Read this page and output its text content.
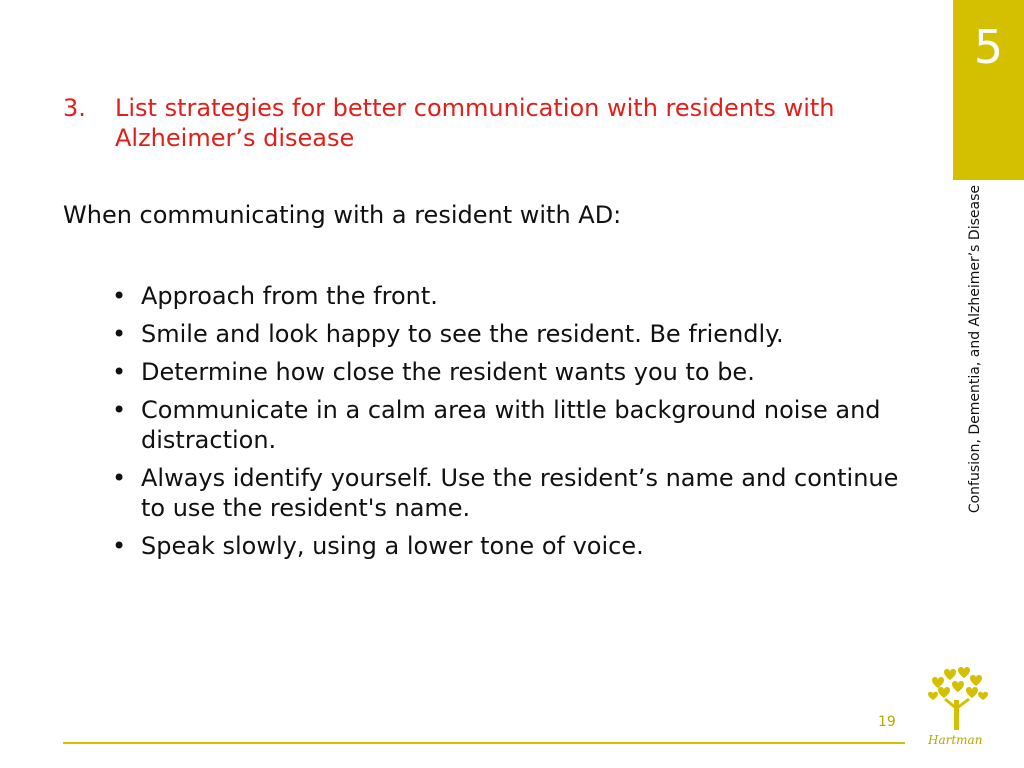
5
Confusion, Dementia, and Alzheimer’s Disease
3. List strategies for better communication with residents with Alzheimer’s disease
When communicating with a resident with AD:
• Approach from the front.
• Smile and look happy to see the resident. Be friendly.
• Determine how close the resident wants you to be.
• Communicate in a calm area with little background noise and distraction.
• Always identify yourself. Use the resident’s name and continue to use the resident's name.
• Speak slowly, using a lower tone of voice.
19
Hartman
